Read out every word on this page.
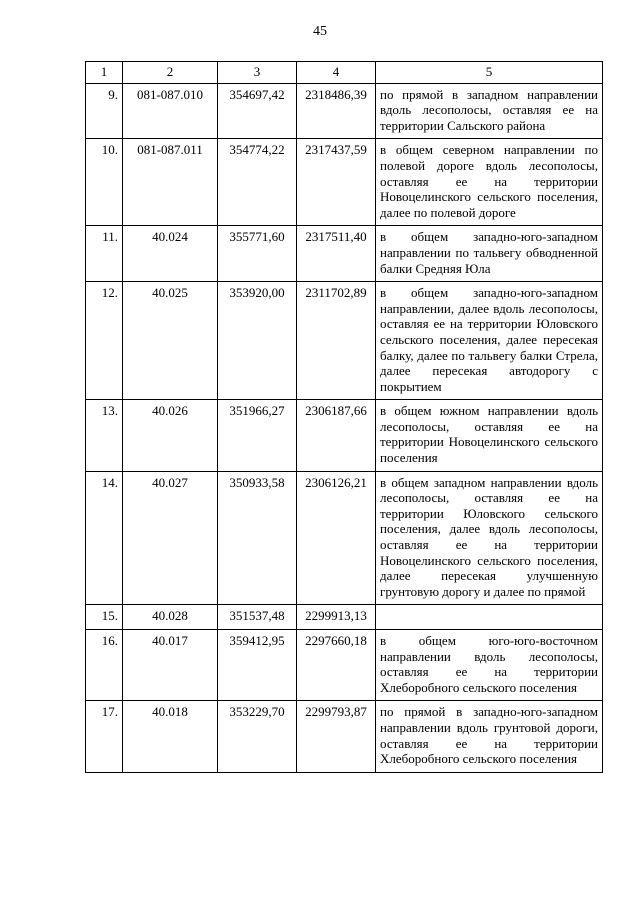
45
1	2	3	4	5
9.	081-087.010	354697,42	2318486,39	по прямой в западном направлении вдоль лесополосы, оставляя ее на территории Сальского района
10.	081-087.011	354774,22	2317437,59	в общем северном направлении по полевой дороге вдоль лесополосы, оставляя ее на территории Новоцелинского сельского поселения, далее по полевой дороге
11.	40.024	355771,60	2317511,40	в общем западно-юго-западном направлении по тальвегу обводненной балки Средняя Юла
12.	40.025	353920,00	2311702,89	в общем западно-юго-западном направлении, далее вдоль лесополосы, оставляя ее на территории Юловского сельского поселения, далее пересекая балку, далее по тальвегу балки Стрела, далее пересекая автодорогу с покрытием
13.	40.026	351966,27	2306187,66	в общем южном направлении вдоль лесополосы, оставляя ее на территории Новоцелинского сельского поселения
14.	40.027	350933,58	2306126,21	в общем западном направлении вдоль лесополосы, оставляя ее на территории Юловского сельского поселения, далее вдоль лесополосы, оставляя ее на территории Новоцелинского сельского поселения, далее пересекая улучшенную грунтовую дорогу и далее по прямой
15.	40.028	351537,48	2299913,13	
16.	40.017	359412,95	2297660,18	в общем юго-юго-восточном направлении вдоль лесополосы, оставляя ее на территории Хлеборобного сельского поселения
17.	40.018	353229,70	2299793,87	по прямой в западно-юго-западном направлении вдоль грунтовой дороги, оставляя ее на территории Хлеборобного сельского поселения
